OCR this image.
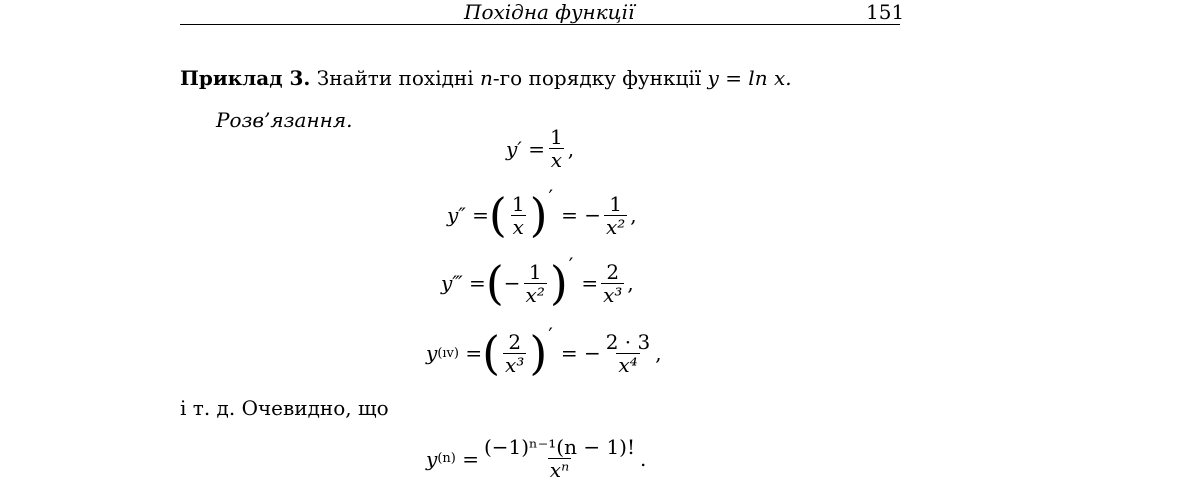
Похідна функції	151
Приклад 3. Знайти похідні n-го порядку функції y = ln x.
Розв’язання.
$y' = \frac{1}{x}$ ,
y″ = ( $\frac{1}{x}$ ) ′
= − $\frac{1}{\text{x²}}$ ,
y‴ = ( − $\frac{1}{\text{x²}}$ ) ′
= $\frac{2}{\text{x³}}$ ,
y (ıv) = ( $\frac{2}{\text{x³}}$ ) ′
= − $\frac{2 \cdot 3}{\text{x⁴}}$ ,
і т. д. Очевидно, що
y $(n) = \frac{\text{(−1)ⁿ⁻¹(n − 1)!}}{\text{xⁿ}}$ .
